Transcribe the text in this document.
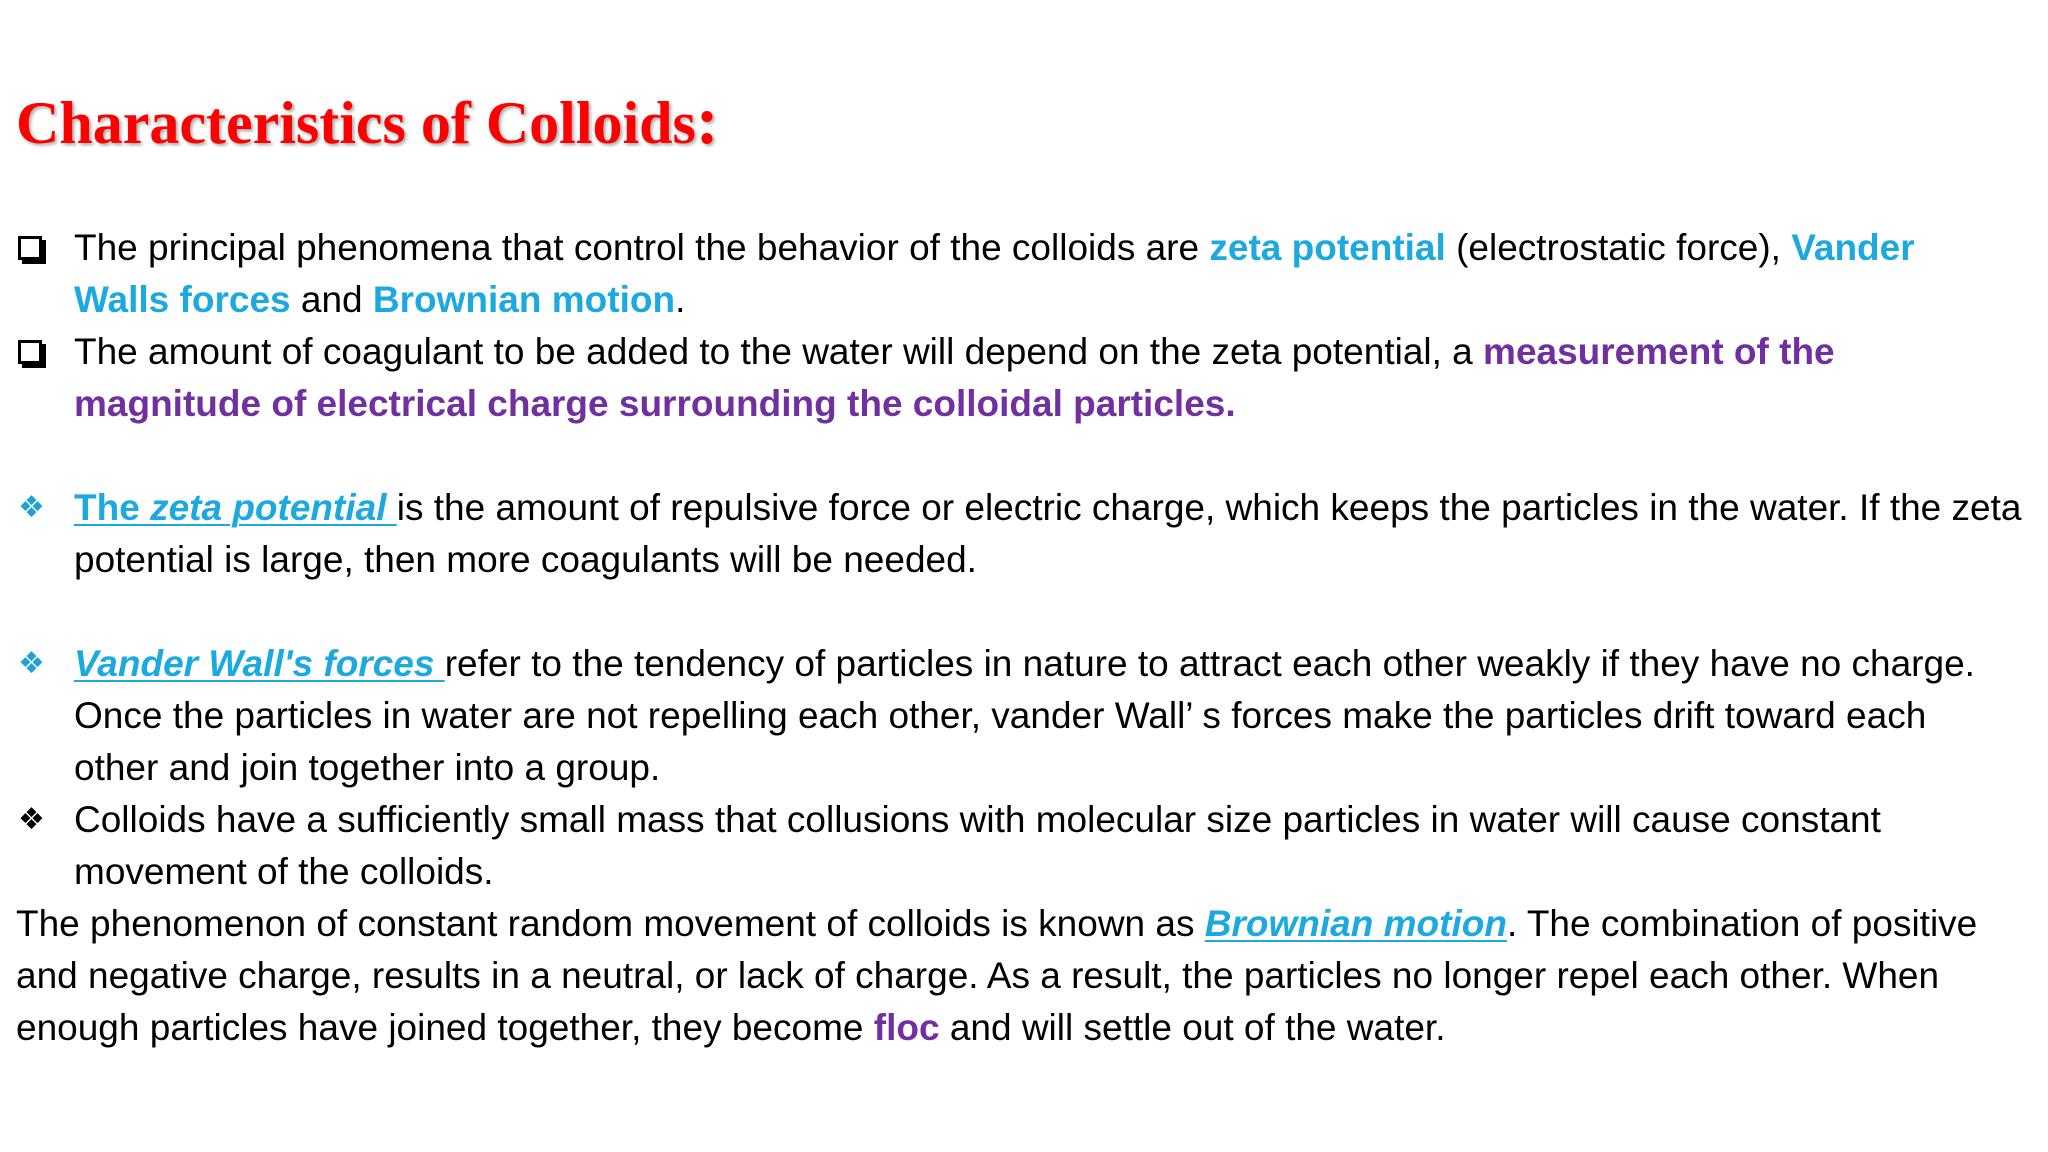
Characteristics of Colloids:

The principal phenomena that control the behavior of the colloids are zeta potential (electrostatic force), Vander Walls forces and Brownian motion.

The amount of coagulant to be added to the water will depend on the zeta potential, a measurement of the magnitude of electrical charge surrounding the colloidal particles.

❖ The zeta potential is the amount of repulsive force or electric charge, which keeps the particles in the water. If the zeta potential is large, then more coagulants will be needed.

❖ Vander Wall's forces refer to the tendency of particles in nature to attract each other weakly if they have no charge. Once the particles in water are not repelling each other, vander Wall’ s forces make the particles drift toward each other and join together into a group.

❖ Colloids have a sufficiently small mass that collusions with molecular size particles in water will cause constant movement of the colloids.

The phenomenon of constant random movement of colloids is known as Brownian motion. The combination of positive and negative charge, results in a neutral, or lack of charge. As a result, the particles no longer repel each other. When enough particles have joined together, they become floc and will settle out of the water.
